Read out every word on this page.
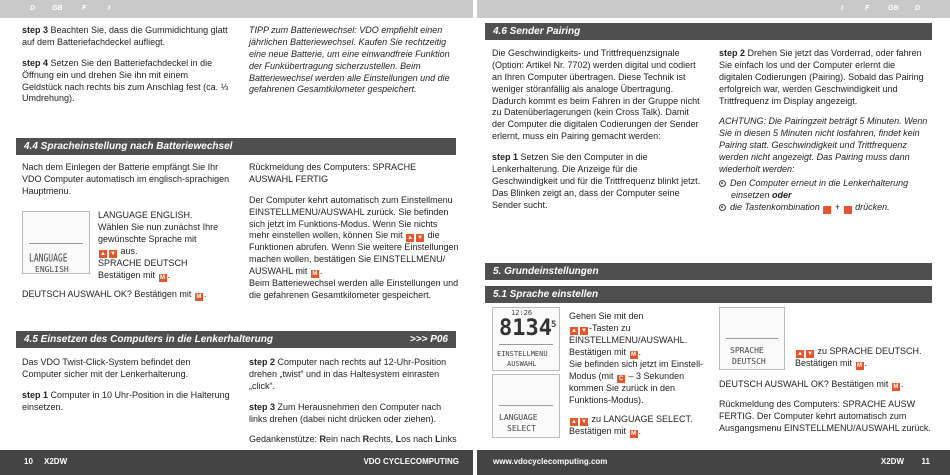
D GB	F	I	I	F	GB D

step 3 Beachten Sie, dass die Gummidichtung glatt auf dem Batteriefachdeckel aufliegt.

step 4 Setzen Sie den Batteriefachdeckel in die Öffnung ein und drehen Sie ihn mit einem Geldstück nach rechts bis zum Anschlag fest (ca. ⅓ Umdrehung).

TIPP zum Batteriewechsel: VDO empfiehlt einen jährlichen Batteriewechsel. Kaufen Sie rechtzeitig eine neue Batterie, um eine einwandfreie Funktion der Funkübertragung sicherzustellen. Beim Batteriewechsel werden alle Einstellungen und die gefahrenen Gesamtkilometer gespeichert.
4.4 Spracheinstellung nach Batteriewechsel
Nach dem Einlegen der Batterie empfängt Sie Ihr VDO Computer automatisch im englisch-sprachigen Hauptmenu.
LANGUAGE
ENGLISH
LANGUAGE ENGLISH.
Wählen Sie nun zunächst Ihre gewünschte Sprache mit
▲ ▼ aus.
SPRACHE DEUTSCH
Bestätigen mit M .
DEUTSCH AUSWAHL OK? Bestätigen mit M .

Rückmeldung des Computers: SPRACHE AUSWAHL FERTIG

Der Computer kehrt automatisch zum Einstellmenu EINSTELLMENU/AUSWAHL zurück. Sie befinden sich jetzt im Funktions-Modus. Wenn Sie nichts mehr einstellen wollen, können Sie mit ▲ ▼ die Funktionen abrufen. Wenn Sie weitere Einstellungen machen wollen, bestätigen Sie EINSTELLMENU/ AUSWAHL mit M .
Beim Batteriewechsel werden alle Einstellungen und die gefahrenen Gesamtkilometer gespeichert.

4.5 Einsetzen des Computers in die Lenkerhalterung	>>> P06

Das VDO Twist-Click-System befindet den Computer sicher mit der Lenkerhalterung.

step 1 Computer in 10 Uhr-Position in die Halterung einsetzen.

step 2 Computer nach rechts auf 12-Uhr-Position drehen „twist“ und in das Haltesystem einrasten „click“.

step 3 Zum Herausnehmen den Computer nach links drehen (dabei nicht drücken oder ziehen).

Gedankenstütze: Rein nach Rechts, Los nach Links

4.6 Sender Pairing

Die Geschwindigkeits- und Trittfrequenzsignale (Option: Artikel Nr. 7702) werden digital und codiert an Ihren Computer übertragen. Diese Technik ist weniger störanfällig als analoge Übertragung. Dadurch kommt es beim Fahren in der Gruppe nicht zu Datenüberlagerungen (kein Cross Talk). Damit der Computer die digitalen Codierungen der Sender erlernt, muss ein Pairing gemacht werden:

step 1 Setzen Sie den Computer in die Lenkerhalterung. Die Anzeige für die Geschwindigkeit und für die Trittfrequenz blinkt jetzt. Das Blinken zeigt an, dass der Computer seine Sender sucht.

step 2 Drehen Sie jetzt das Vorderrad, oder fahren Sie einfach los und der Computer erlernt die digitalen Codierungen (Pairing). Sobald das Pairing erfolgreich war, werden Geschwindigkeit und Trittfrequenz im Display angezeigt.

ACHTUNG: Die Pairingzeit beträgt 5 Minuten. Wenn Sie in diesen 5 Minuten nicht losfahren, findet kein Pairing statt. Geschwindigkeit und Trittfrequenz werden nicht angezeigt. Das Pairing muss dann wiederholt werden:

Den Computer erneut in die Lenkerhalterung einsetzen oder
die Tastenkombination C + M drücken.
5. Grundeinstellungen
5.1 Sprache einstellen
12:26
8134 5
EINSTELLMENU
AUSWAHL
LANGUAGE
SELECT
Gehen Sie mit den
▲ ▼ -Tasten zu EINSTELLMENU/AUSWAHL.
Bestätigen mit M .
Sie befinden sich jetzt im Einstell-Modus (mit C – 3 Sekunden kommen Sie zurück in den Funktions-Modus).
▲ ▼ zu LANGUAGE SELECT.
Bestätigen mit M .
SPRACHE
DEUTSCH
▲ ▼ zu SPRACHE DEUTSCH.
Bestätigen mit M .

DEUTSCH AUSWAHL OK? Bestätigen mit M .

Rückmeldung des Computers: SPRACHE AUSW FERTIG. Der Computer kehrt automatisch zum Ausgangsmenu EINSTELLMENU/AUSWAHL zurück.

10 X2DW	VDO CYCLECOMPUTING	www.vdocyclecomputing.com	X2DW 11
